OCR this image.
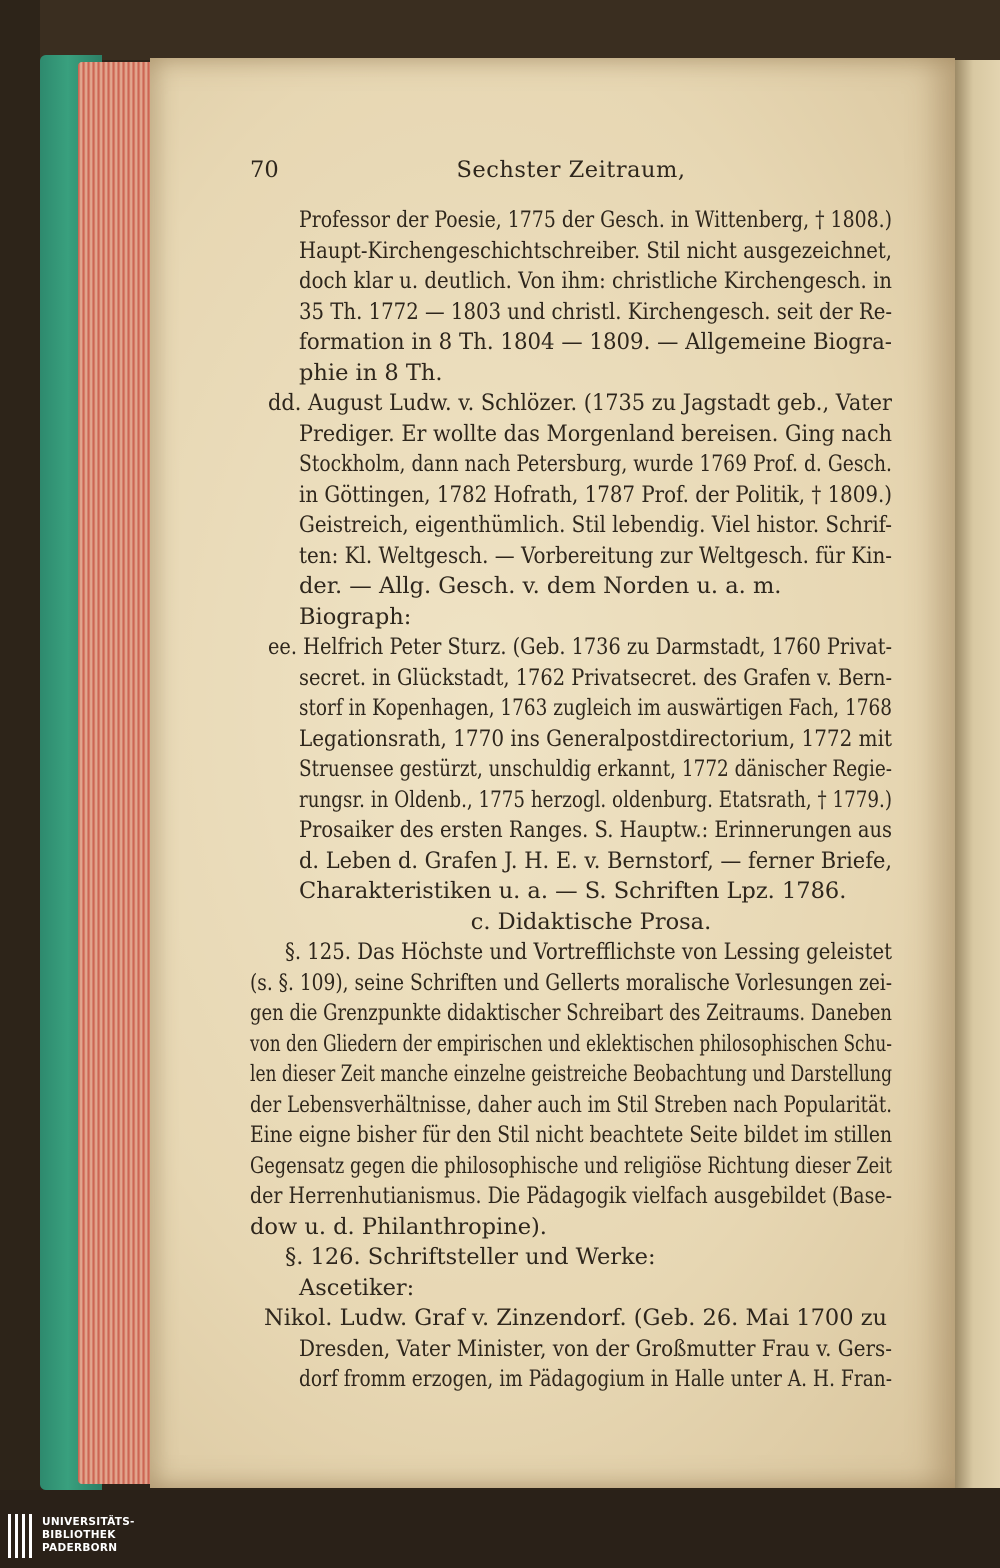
70	Sechster Zeitraum,
Professor der Poesie, 1775 der Gesch. in Wittenberg, † 1808.)
Haupt-Kirchengeschichtschreiber. Stil nicht ausgezeichnet,
doch klar u. deutlich. Von ihm: christliche Kirchengesch. in
35 Th. 1772 — 1803 und christl. Kirchengesch. seit der Re-
formation in 8 Th. 1804 — 1809. — Allgemeine Biogra-
phie in 8 Th.
dd. August Ludw. v. Schlözer. (1735 zu Jagstadt geb., Vater
Prediger. Er wollte das Morgenland bereisen. Ging nach
Stockholm, dann nach Petersburg, wurde 1769 Prof. d. Gesch.
in Göttingen, 1782 Hofrath, 1787 Prof. der Politik, † 1809.)
Geistreich, eigenthümlich. Stil lebendig. Viel histor. Schrif-
ten: Kl. Weltgesch. — Vorbereitung zur Weltgesch. für Kin-
der. — Allg. Gesch. v. dem Norden u. a. m.
Biograph:
ee. Helfrich Peter Sturz. (Geb. 1736 zu Darmstadt, 1760 Privat-
secret. in Glückstadt, 1762 Privatsecret. des Grafen v. Bern-
storf in Kopenhagen, 1763 zugleich im auswärtigen Fach, 1768
Legationsrath, 1770 ins Generalpostdirectorium, 1772 mit
Struensee gestürzt, unschuldig erkannt, 1772 dänischer Regie-
rungsr. in Oldenb., 1775 herzogl. oldenburg. Etatsrath, † 1779.)
Prosaiker des ersten Ranges. S. Hauptw.: Erinnerungen aus
d. Leben d. Grafen J. H. E. v. Bernstorf, — ferner Briefe,
Charakteristiken u. a. — S. Schriften Lpz. 1786.
c. Didaktische Prosa.
§. 125. Das Höchste und Vortrefflichste von Lessing geleistet
(s. §. 109), seine Schriften und Gellerts moralische Vorlesungen zei-
gen die Grenzpunkte didaktischer Schreibart des Zeitraums. Daneben
von den Gliedern der empirischen und eklektischen philosophischen Schu-
len dieser Zeit manche einzelne geistreiche Beobachtung und Darstellung
der Lebensverhältnisse, daher auch im Stil Streben nach Popularität.
Eine eigne bisher für den Stil nicht beachtete Seite bildet im stillen
Gegensatz gegen die philosophische und religiöse Richtung dieser Zeit
der Herrenhutianismus. Die Pädagogik vielfach ausgebildet (Base-
dow u. d. Philanthropine).
§. 126. Schriftsteller und Werke:
Ascetiker:
Nikol. Ludw. Graf v. Zinzendorf. (Geb. 26. Mai 1700 zu
Dresden, Vater Minister, von der Großmutter Frau v. Gers-
dorf fromm erzogen, im Pädagogium in Halle unter A. H. Fran-
UNIVERSITÄTS-
BIBLIOTHEK
PADERBORN
